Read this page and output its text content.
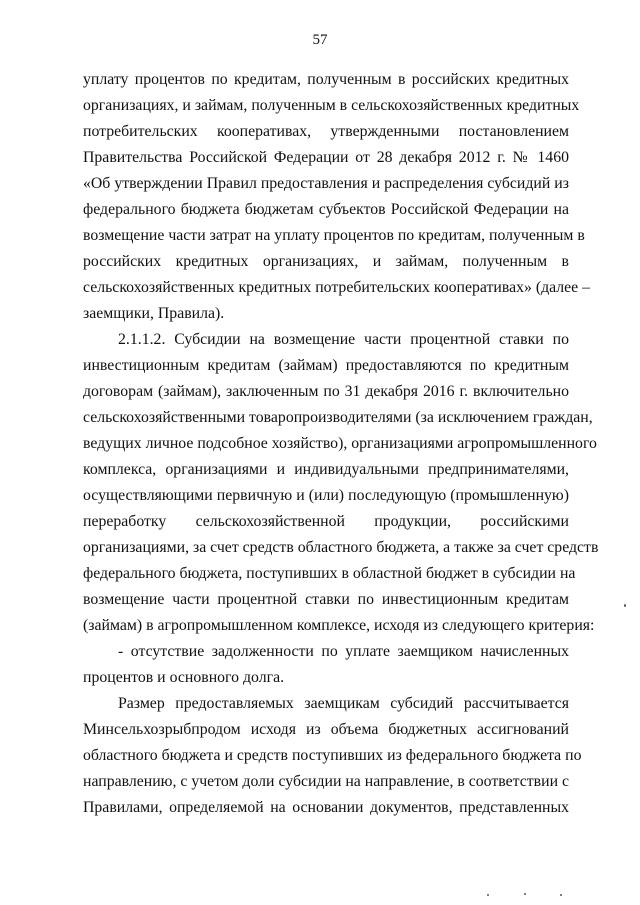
57
уплату процентов по кредитам, полученным в российских кредитных
организациях, и займам, полученным в сельскохозяйственных кредитных
потребительских кооперативах, утвержденными постановлением
Правительства Российской Федерации от 28 декабря 2012 г. № 1460
«Об утверждении Правил предоставления и распределения субсидий из
федерального бюджета бюджетам субъектов Российской Федерации на
возмещение части затрат на уплату процентов по кредитам, полученным в
российских кредитных организациях, и займам, полученным в
сельскохозяйственных кредитных потребительских кооперативах» (далее –
заемщики, Правила).
2.1.1.2. Субсидии на возмещение части процентной ставки по
инвестиционным кредитам (займам) предоставляются по кредитным
договорам (займам), заключенным по 31 декабря 2016 г. включительно
сельскохозяйственными товаропроизводителями (за исключением граждан,
ведущих личное подсобное хозяйство), организациями агропромышленного
комплекса, организациями и индивидуальными предпринимателями,
осуществляющими первичную и (или) последующую (промышленную)
переработку сельскохозяйственной продукции, российскими
организациями, за счет средств областного бюджета, а также за счет средств
федерального бюджета, поступивших в областной бюджет в субсидии на
возмещение части процентной ставки по инвестиционным кредитам
(займам) в агропромышленном комплексе, исходя из следующего критерия:
- отсутствие задолженности по уплате заемщиком начисленных
процентов и основного долга.
Размер предоставляемых заемщикам субсидий рассчитывается
Минсельхозрыбпродом исходя из объема бюджетных ассигнований
областного бюджета и средств поступивших из федерального бюджета по
направлению, с учетом доли субсидии на направление, в соответствии с
Правилами, определяемой на основании документов, представленных
